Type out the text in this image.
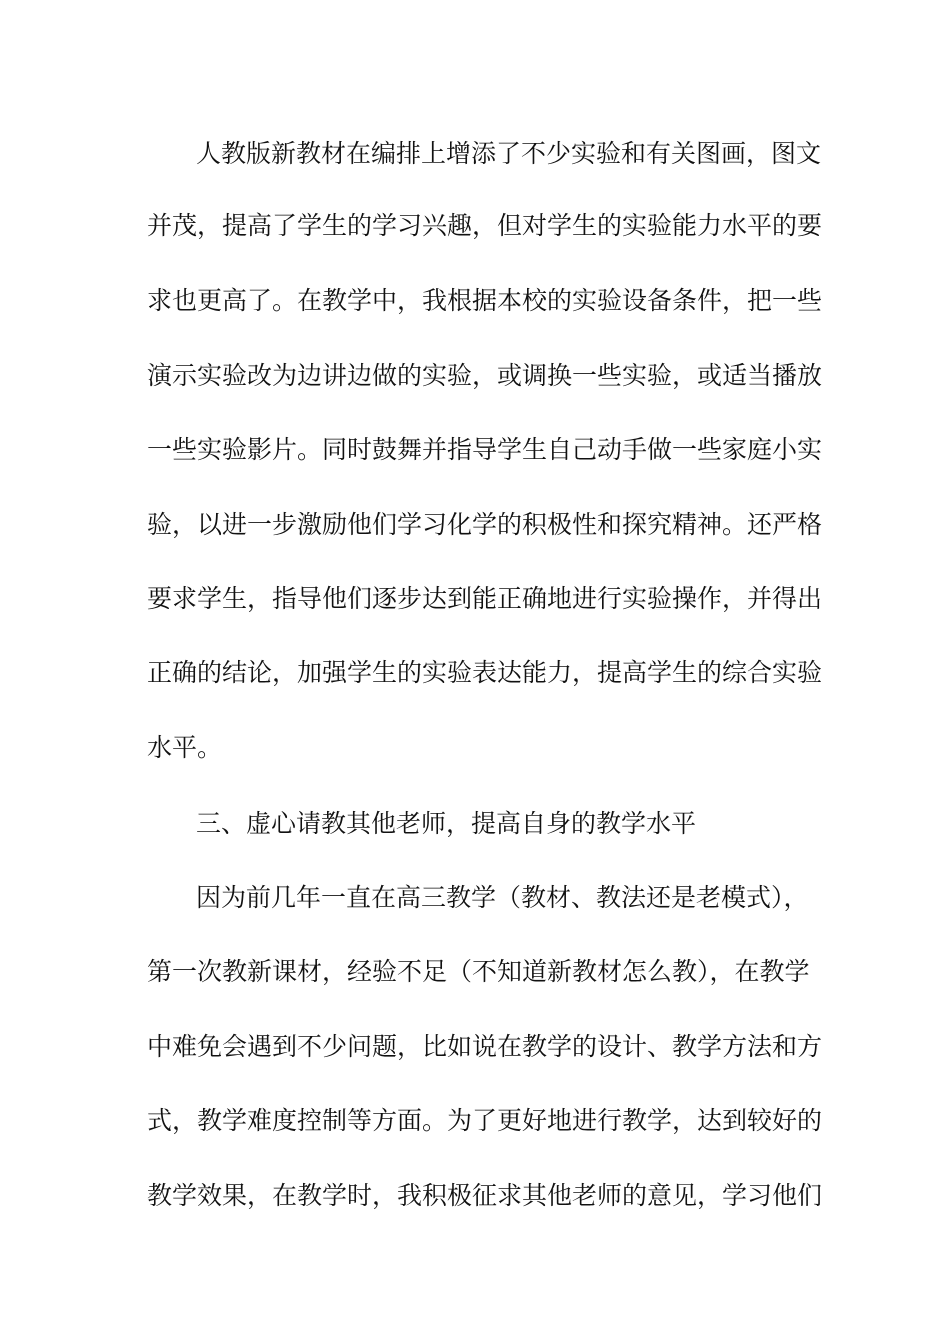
人教版新教材在编排上增添了不少实验和有关图画，图文
并茂，提高了学生的学习兴趣，但对学生的实验能力水平的要
求也更高了。在教学中，我根据本校的实验设备条件，把一些
演示实验改为边讲边做的实验，或调换一些实验，或适当播放
一些实验影片。同时鼓舞并指导学生自己动手做一些家庭小实
验，以进一步激励他们学习化学的积极性和探究精神。还严格
要求学生，指导他们逐步达到能正确地进行实验操作，并得出
正确的结论，加强学生的实验表达能力，提高学生的综合实验
水平。
三、虚心请教其他老师，提高自身的教学水平
因为前几年一直在高三教学（教材、教法还是老模式），
第一次教新课材，经验不足（不知道新教材怎么教），在教学
中难免会遇到不少问题，比如说在教学的设计、教学方法和方
式，教学难度控制等方面。为了更好地进行教学，达到较好的
教学效果，在教学时，我积极征求其他老师的意见，学习他们
